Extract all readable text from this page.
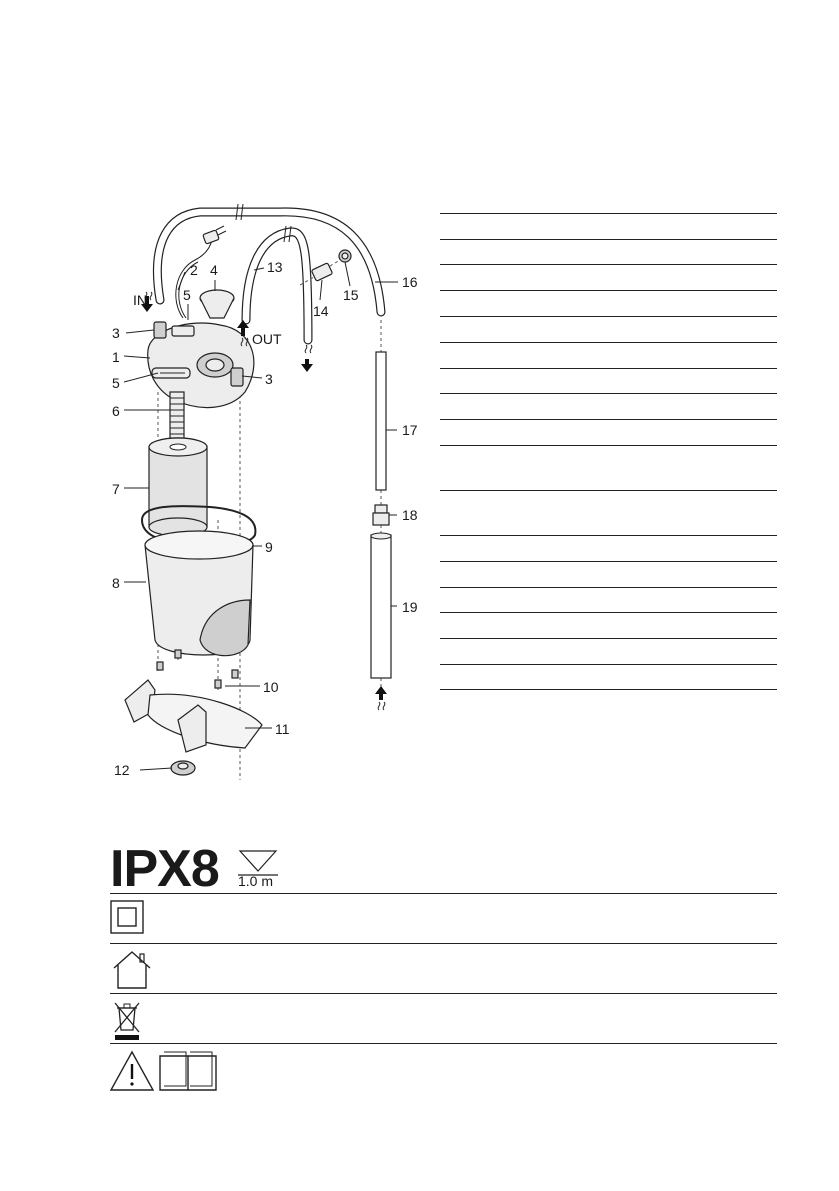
IN
OUT
3
1
5
6
7
8
9
10
11
12
3
2
5
4	13
14
15
16
17
18
19
IPX8 1.0 m
